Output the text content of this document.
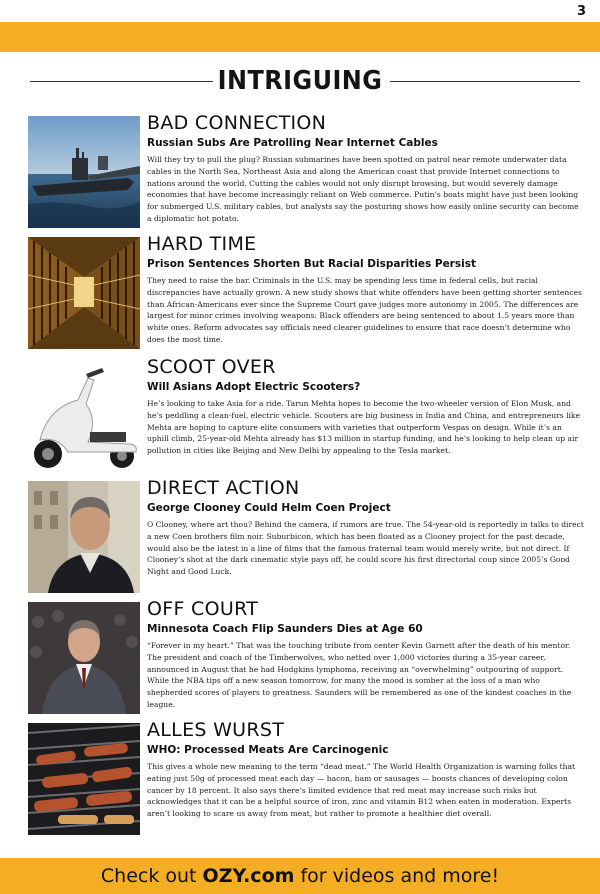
3
INTRIGUING
BAD CONNECTION
Russian Subs Are Patrolling Near Internet Cables

Will they try to pull the plug? Russian submarines have been spotted on patrol near remote underwater data cables in the North Sea, Northeast Asia and along the American coast that provide Internet connections to nations around the world. Cutting the cables would not only disrupt browsing, but would severely damage economies that have become increasingly reliant on Web commerce. Putin’s boats might have just been looking for submerged U.S. military cables, but analysts say the posturing shows how easily online security can become a diplomatic hot potato.

HARD TIME
Prison Sentences Shorten But Racial Disparities Persist

They need to raise the bar. Criminals in the U.S. may be spending less time in federal cells, but racial discrepancies have actually grown. A new study shows that white offenders have been getting shorter sentences than African-Americans ever since the Supreme Court gave judges more autonomy in 2005. The differences are largest for minor crimes involving weapons: Black offenders are being sentenced to about 1.5 years more than white ones. Reform advocates say officials need clearer guidelines to ensure that race doesn’t determine who does the most time.

SCOOT OVER
Will Asians Adopt Electric Scooters?

He’s looking to take Asia for a ride. Tarun Mehta hopes to become the two-wheeler version of Elon Musk, and he’s peddling a clean-fuel, electric vehicle. Scooters are big business in India and China, and entrepreneurs like Mehta are hoping to capture elite consumers with varieties that outperform Vespas on design. While it’s an uphill climb, 25-year-old Mehta already has $13 million in startup funding, and he’s looking to help clean up air pollution in cities like Beijing and New Delhi by appealing to the Tesla market.

DIRECT ACTION
George Clooney Could Helm Coen Project

O Clooney, where art thou? Behind the camera, if rumors are true. The 54-year-old is reportedly in talks to direct a new Coen brothers film noir. Suburbicon, which has been floated as a Clooney project for the past decade, would also be the latest in a line of films that the famous fraternal team would merely write, but not direct. If Clooney’s shot at the dark cinematic style pays off, he could score his first directorial coup since 2005’s Good Night and Good Luck.

OFF COURT
Minnesota Coach Flip Saunders Dies at Age 60

“Forever in my heart.” That was the touching tribute from center Kevin Garnett after the death of his mentor. The president and coach of the Timberwolves, who netted over 1,000 victories during a 35-year career, announced in August that he had Hodgkins lymphoma, receiving an “overwhelming” outpouring of support. While the NBA tips off a new season tomorrow, for many the mood is somber at the loss of a man who shepherded scores of players to greatness. Saunders will be remembered as one of the kindest coaches in the league.

ALLES WURST
WHO: Processed Meats Are Carcinogenic

This gives a whole new meaning to the term “dead meat.” The World Health Organization is warning folks that eating just 50g of processed meat each day — bacon, ham or sausages — boosts chances of developing colon cancer by 18 percent. It also says there’s limited evidence that red meat may increase such risks but acknowledges that it can be a helpful source of iron, zinc and vitamin B12 when eaten in moderation. Experts aren’t looking to scare us away from meat, but rather to promote a healthier diet overall.

Check out OZY.com for videos and more!
